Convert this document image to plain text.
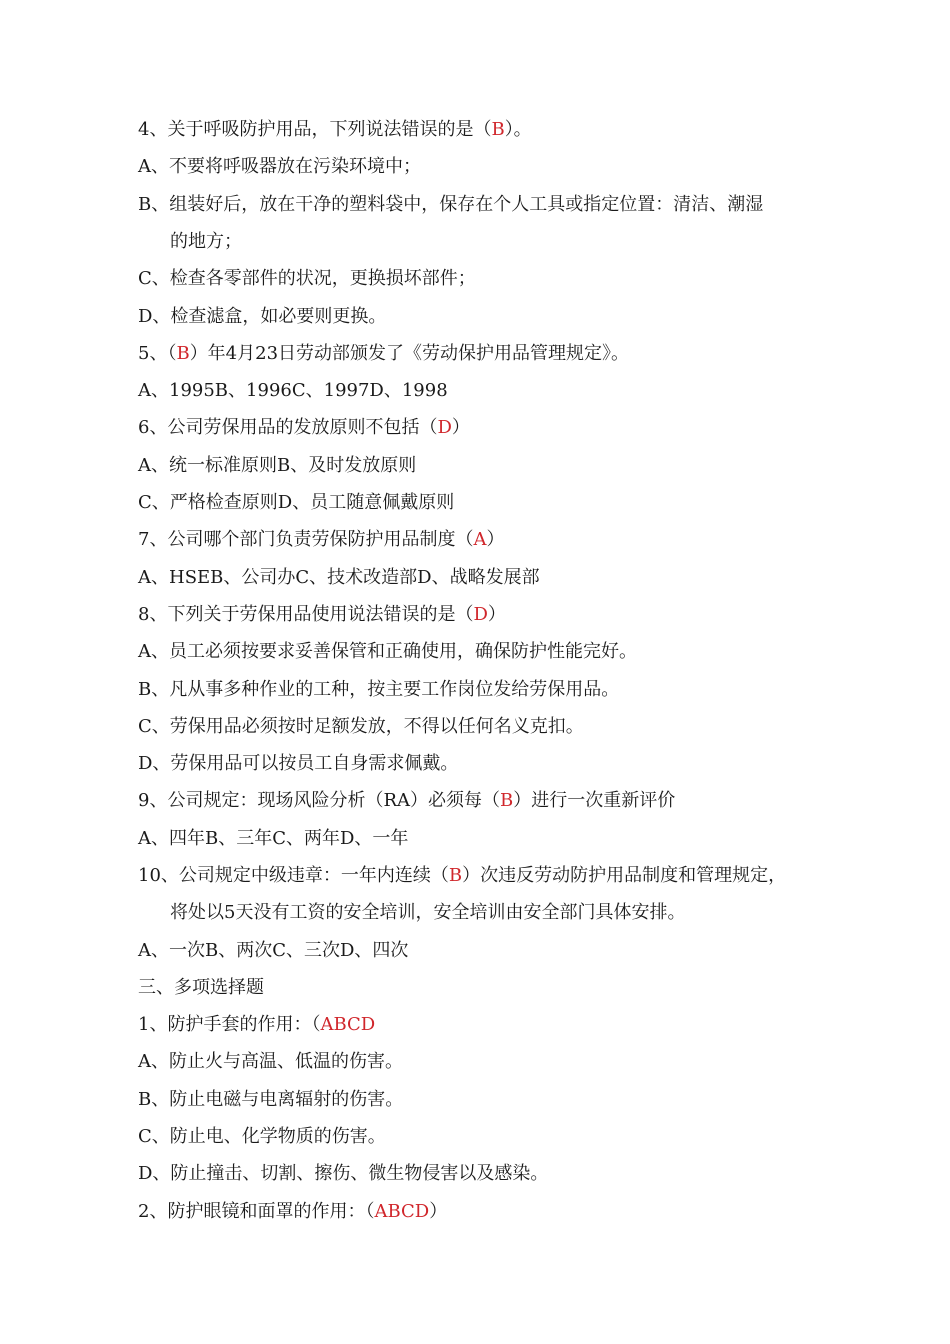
4、关于呼吸防护用品，下列说法错误的是（B）。
A、不要将呼吸器放在污染环境中；
B、组装好后，放在干净的塑料袋中，保存在个人工具或指定位置：清洁、潮湿
的地方；
C、检查各零部件的状况，更换损坏部件；
D、检查滤盒，如必要则更换。
5、（B）年4月23日劳动部颁发了《劳动保护用品管理规定》。
A、1995B、1996C、1997D、1998
6、公司劳保用品的发放原则不包括（D）
A、统一标准原则B、及时发放原则
C、严格检查原则D、员工随意佩戴原则
7、公司哪个部门负责劳保防护用品制度（A）
A、HSEB、公司办C、技术改造部D、战略发展部
8、下列关于劳保用品使用说法错误的是（D）
A、员工必须按要求妥善保管和正确使用，确保防护性能完好。
B、凡从事多种作业的工种，按主要工作岗位发给劳保用品。
C、劳保用品必须按时足额发放，不得以任何名义克扣。
D、劳保用品可以按员工自身需求佩戴。
9、公司规定：现场风险分析（RA）必须每（B）进行一次重新评价
A、四年B、三年C、两年D、一年
10、公司规定中级违章：一年内连续（B）次违反劳动防护用品制度和管理规定，
将处以5天没有工资的安全培训，安全培训由安全部门具体安排。
A、一次B、两次C、三次D、四次
三、多项选择题
1、防护手套的作用：（ABCD
A、防止火与高温、低温的伤害。
B、防止电磁与电离辐射的伤害。
C、防止电、化学物质的伤害。
D、防止撞击、切割、擦伤、微生物侵害以及感染。
2、防护眼镜和面罩的作用：（ABCD）
